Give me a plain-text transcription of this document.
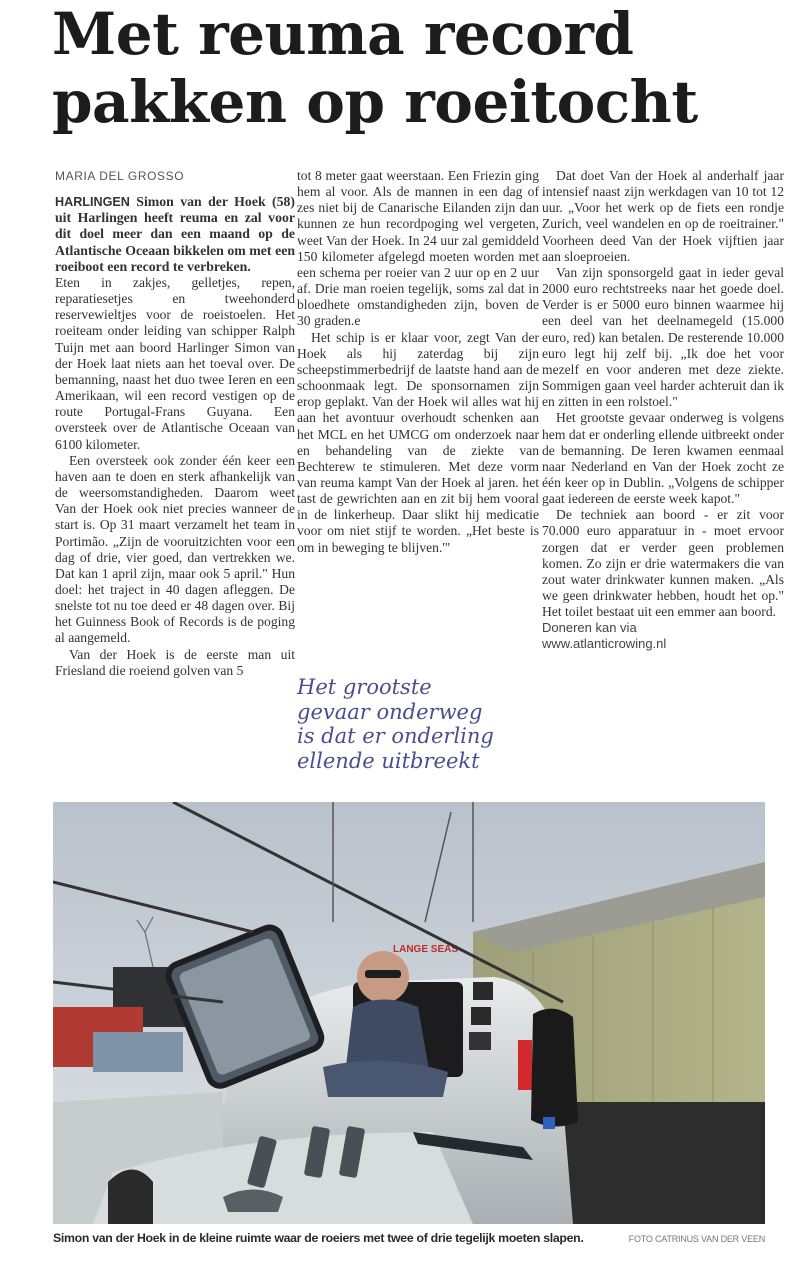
Met reuma record
pakken op roeitocht
MARIA DEL GROSSO

HARLINGEN Simon van der Hoek (58) uit Harlingen heeft reuma en zal voor dit doel meer dan een maand op de Atlantische Oceaan bikkelen om met een roeiboot een record te verbreken.

Eten in zakjes, gelletjes, repen, reparatiesetjes en tweehonderd reservewieltjes voor de roeistoelen. Het roeiteam onder leiding van schipper Ralph Tuijn met aan boord Harlinger Simon van der Hoek laat niets aan het toeval over. De bemanning, naast het duo twee Ieren en een Amerikaan, wil een record vestigen op de route Portugal-Frans Guyana. Een oversteek over de Atlantische Oceaan van 6100 kilometer.

Een oversteek ook zonder één keer een haven aan te doen en sterk afhankelijk van de weersomstandigheden. Daarom weet Van der Hoek ook niet precies wanneer de start is. Op 31 maart verzamelt het team in Portimão. „Zijn de vooruitzichten voor een dag of drie, vier goed, dan vertrekken we. Dat kan 1 april zijn, maar ook 5 april." Hun doel: het traject in 40 dagen afleggen. De snelste tot nu toe deed er 48 dagen over. Bij het Guinness Book of Records is de poging al aangemeld.

Van der Hoek is de eerste man uit Friesland die roeiend golven van 5

tot 8 meter gaat weerstaan. Een Friezin ging hem al voor. Als de mannen in een dag of zes niet bij de Canarische Eilanden zijn dan kunnen ze hun recordpoging wel vergeten, weet Van der Hoek. In 24 uur zal gemiddeld 150 kilometer afgelegd moeten worden met een schema per roeier van 2 uur op en 2 uur af. Drie man roeien tegelijk, soms zal dat in bloedhete omstandigheden zijn, boven de 30 graden.e

Het schip is er klaar voor, zegt Van der Hoek als hij zaterdag bij zijn scheepstimmerbedrijf de laatste hand aan de schoonmaak legt. De sponsornamen zijn erop geplakt. Van der Hoek wil alles wat hij aan het avontuur overhoudt schenken aan het MCL en het UMCG om onderzoek naar en behandeling van de ziekte van Bechterew te stimuleren. Met deze vorm van reuma kampt Van der Hoek al jaren. het tast de gewrichten aan en zit bij hem vooral in de linkerheup. Daar slikt hij medicatie voor om niet stijf te worden. „Het beste is om in beweging te blijven.'"

Het grootste
gevaar onderweg
is dat er onderling
ellende uitbreekt

Dat doet Van der Hoek al anderhalf jaar intensief naast zijn werkdagen van 10 tot 12 uur. „Voor het werk op de fiets een rondje Zurich, veel wandelen en op de roeitrainer." Voorheen deed Van der Hoek vijftien jaar aan sloeproeien.

Van zijn sponsorgeld gaat in ieder geval 2000 euro rechtstreeks naar het goede doel. Verder is er 5000 euro binnen waarmee hij een deel van het deelnamegeld (15.000 euro, red) kan betalen. De resterende 10.000 euro legt hij zelf bij. „Ik doe het voor mezelf en voor anderen met deze ziekte. Sommigen gaan veel harder achteruit dan ik en zitten in een rolstoel."

Het grootste gevaar onderweg is volgens hem dat er onderling ellende uitbreekt onder de bemanning. De Ieren kwamen eenmaal naar Nederland en Van der Hoek zocht ze één keer op in Dublin. „Volgens de schipper gaat iedereen de eerste week kapot."

De techniek aan boord - er zit voor 70.000 euro apparatuur in - moet ervoor zorgen dat er verder geen problemen komen. Zo zijn er drie watermakers die van zout water drinkwater kunnen maken. „Als we geen drinkwater hebben, houdt het op." Het toilet bestaat uit een emmer aan boord.

Doneren kan via
www.atlanticrowing.nl
LANGE SEAS
Simon van der Hoek in de kleine ruimte waar de roeiers met twee of drie tegelijk moeten slapen.	FOTO CATRINUS VAN DER VEEN
